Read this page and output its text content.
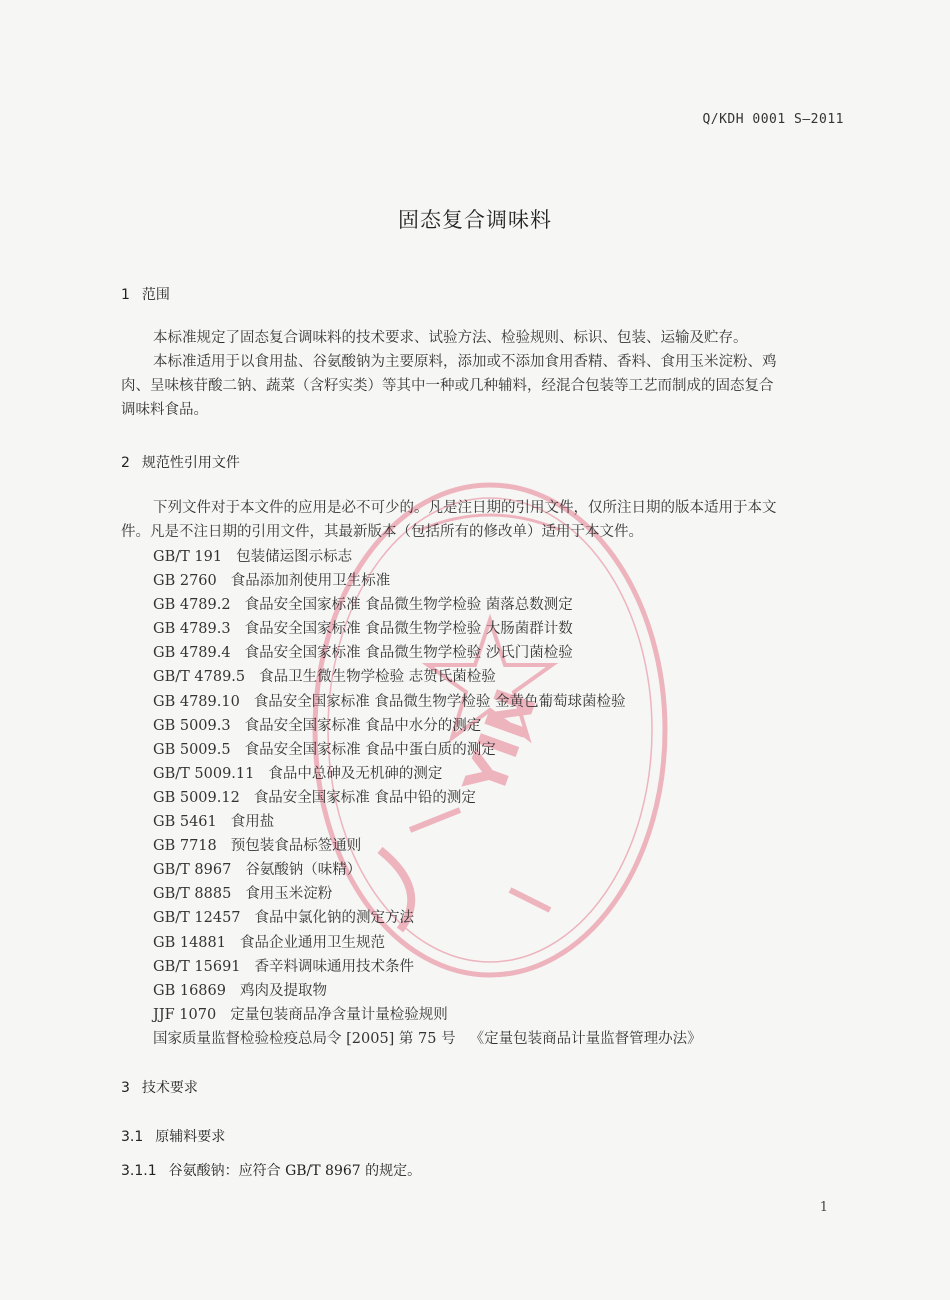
YIN
Q/KDH 0001 S—2011
固态复合调味料
1 范围
本标准规定了固态复合调味料的技术要求、试验方法、检验规则、标识、包装、运输及贮存。
本标准适用于以食用盐、谷氨酸钠为主要原料，添加或不添加食用香精、香料、食用玉米淀粉、鸡
肉、呈味核苷酸二钠、蔬菜（含籽实类）等其中一种或几种辅料，经混合包装等工艺而制成的固态复合
调味料食品。
2 规范性引用文件
下列文件对于本文件的应用是必不可少的。凡是注日期的引用文件，仅所注日期的版本适用于本文
件。凡是不注日期的引用文件，其最新版本（包括所有的修改单）适用于本文件。
GB/T 191 包装储运图示标志
GB 2760 食品添加剂使用卫生标准
GB 4789.2 食品安全国家标准 食品微生物学检验 菌落总数测定
GB 4789.3 食品安全国家标准 食品微生物学检验 大肠菌群计数
GB 4789.4 食品安全国家标准 食品微生物学检验 沙氏门菌检验
GB/T 4789.5 食品卫生微生物学检验 志贺氏菌检验
GB 4789.10 食品安全国家标准 食品微生物学检验 金黄色葡萄球菌检验
GB 5009.3 食品安全国家标准 食品中水分的测定
GB 5009.5 食品安全国家标准 食品中蛋白质的测定
GB/T 5009.11 食品中总砷及无机砷的测定
GB 5009.12 食品安全国家标准 食品中铅的测定
GB 5461 食用盐
GB 7718 预包装食品标签通则
GB/T 8967 谷氨酸钠（味精）
GB/T 8885 食用玉米淀粉
GB/T 12457 食品中氯化钠的测定方法
GB 14881 食品企业通用卫生规范
GB/T 15691 香辛料调味通用技术条件
GB 16869 鸡肉及提取物
JJF 1070 定量包装商品净含量计量检验规则
国家质量监督检验检疫总局令 [2005] 第 75 号 《定量包装商品计量监督管理办法》
3 技术要求
3.1 原辅料要求
3.1.1 谷氨酸钠：应符合 GB/T 8967 的规定。
1
